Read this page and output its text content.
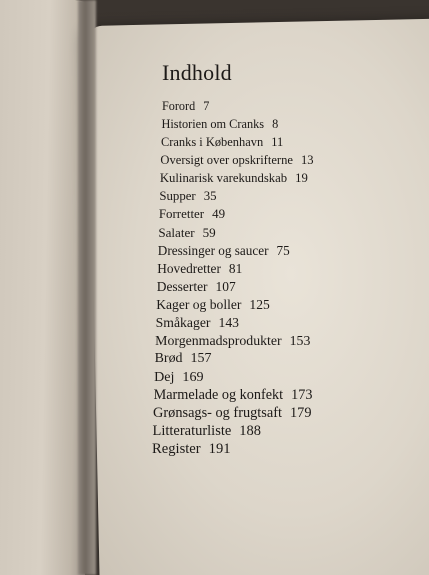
Indhold
Forord 7
Historien om Cranks 8
Cranks i København 11
Oversigt over opskrifterne 13
Kulinarisk varekundskab 19
Supper 35
Forretter 49
Salater 59
Dressinger og saucer 75
Hovedretter 81
Desserter 107
Kager og boller 125
Småkager 143
Morgenmadsprodukter 153
Brød 157
Dej 169
Marmelade og konfekt 173
Grønsags- og frugtsaft 179
Litteraturliste 188
Register 191
